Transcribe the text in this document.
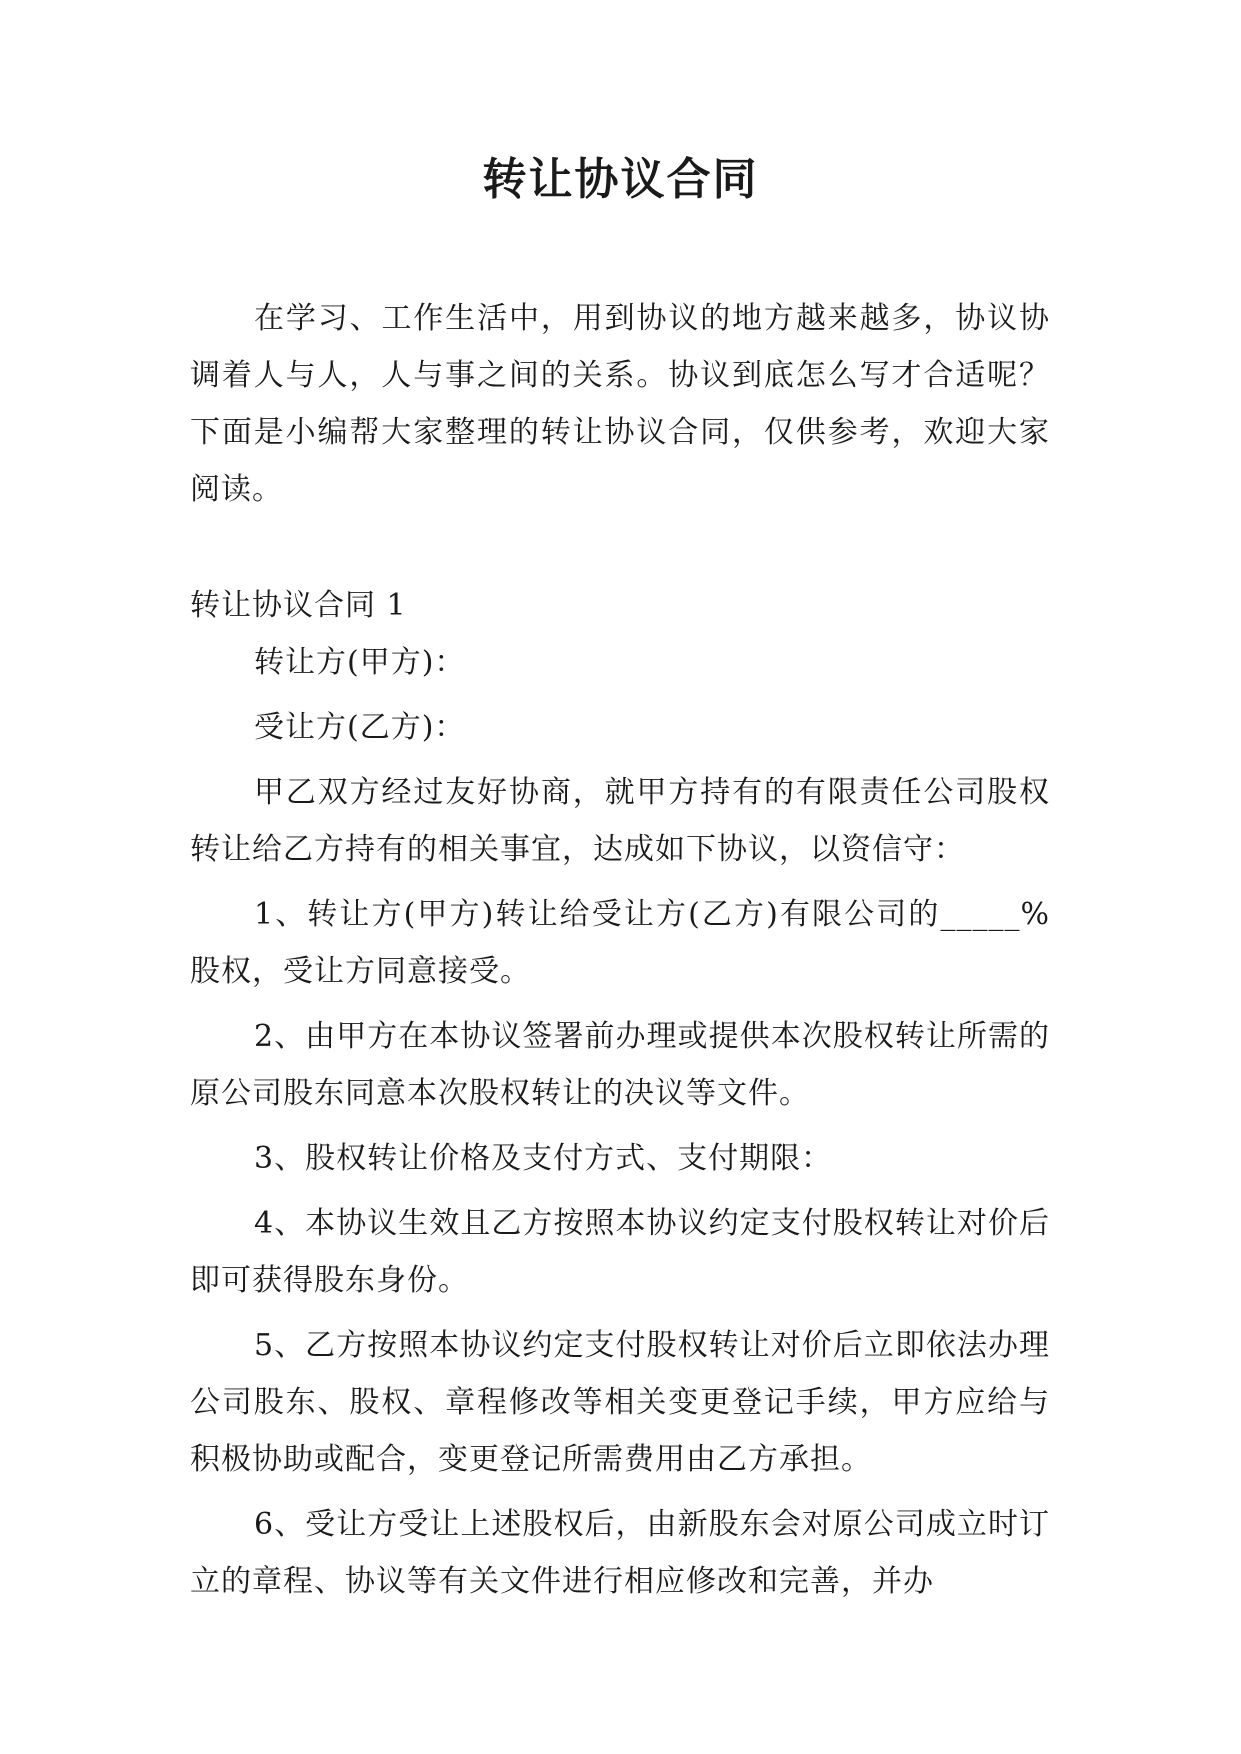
转让协议合同

在学习、工作生活中，用到协议的地方越来越多，协议协调着人与人，人与事之间的关系。协议到底怎么写才合适呢？下面是小编帮大家整理的转让协议合同，仅供参考，欢迎大家阅读。

转让协议合同 1

转让方(甲方)：

受让方(乙方)：

甲乙双方经过友好协商，就甲方持有的有限责任公司股权转让给乙方持有的相关事宜，达成如下协议，以资信守：

1、转让方(甲方)转让给受让方(乙方)有限公司的_____%股权，受让方同意接受。

2、由甲方在本协议签署前办理或提供本次股权转让所需的原公司股东同意本次股权转让的决议等文件。

3、股权转让价格及支付方式、支付期限：

4、本协议生效且乙方按照本协议约定支付股权转让对价后即可获得股东身份。

5、乙方按照本协议约定支付股权转让对价后立即依法办理公司股东、股权、章程修改等相关变更登记手续，甲方应给与积极协助或配合，变更登记所需费用由乙方承担。

6、受让方受让上述股权后，由新股东会对原公司成立时订立的章程、协议等有关文件进行相应修改和完善，并办
